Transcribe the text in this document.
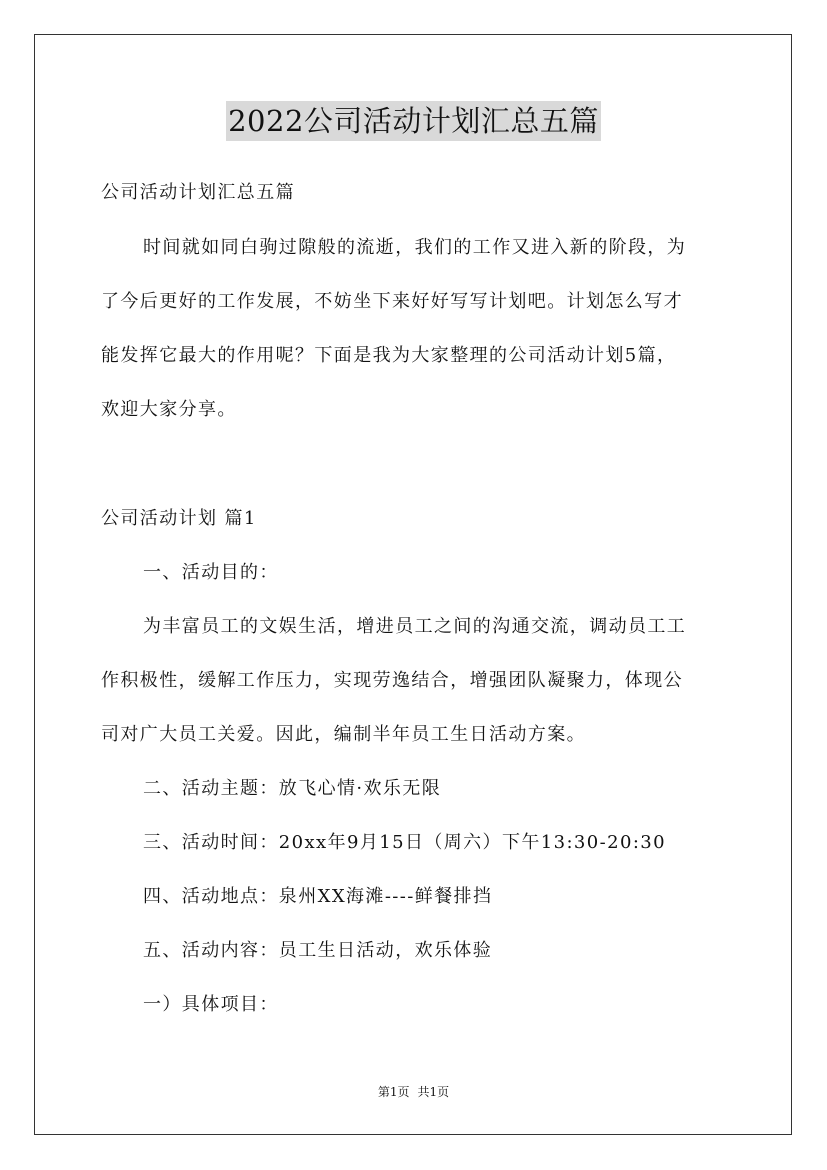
2022公司活动计划汇总五篇
公司活动计划汇总五篇
时间就如同白驹过隙般的流逝，我们的工作又进入新的阶段，为
了今后更好的工作发展，不妨坐下来好好写写计划吧。计划怎么写才
能发挥它最大的作用呢？下面是我为大家整理的公司活动计划5篇，
欢迎大家分享。
公司活动计划 篇1
一、活动目的：
为丰富员工的文娱生活，增进员工之间的沟通交流，调动员工工
作积极性，缓解工作压力，实现劳逸结合，增强团队凝聚力，体现公
司对广大员工关爱。因此，编制半年员工生日活动方案。
二、活动主题：放飞心情·欢乐无限
三、活动时间：20xx年9月15日（周六）下午13:30-20:30
四、活动地点：泉州XX海滩----鲜餐排挡
五、活动内容：员工生日活动，欢乐体验
一）具体项目：
第1页 共1页
